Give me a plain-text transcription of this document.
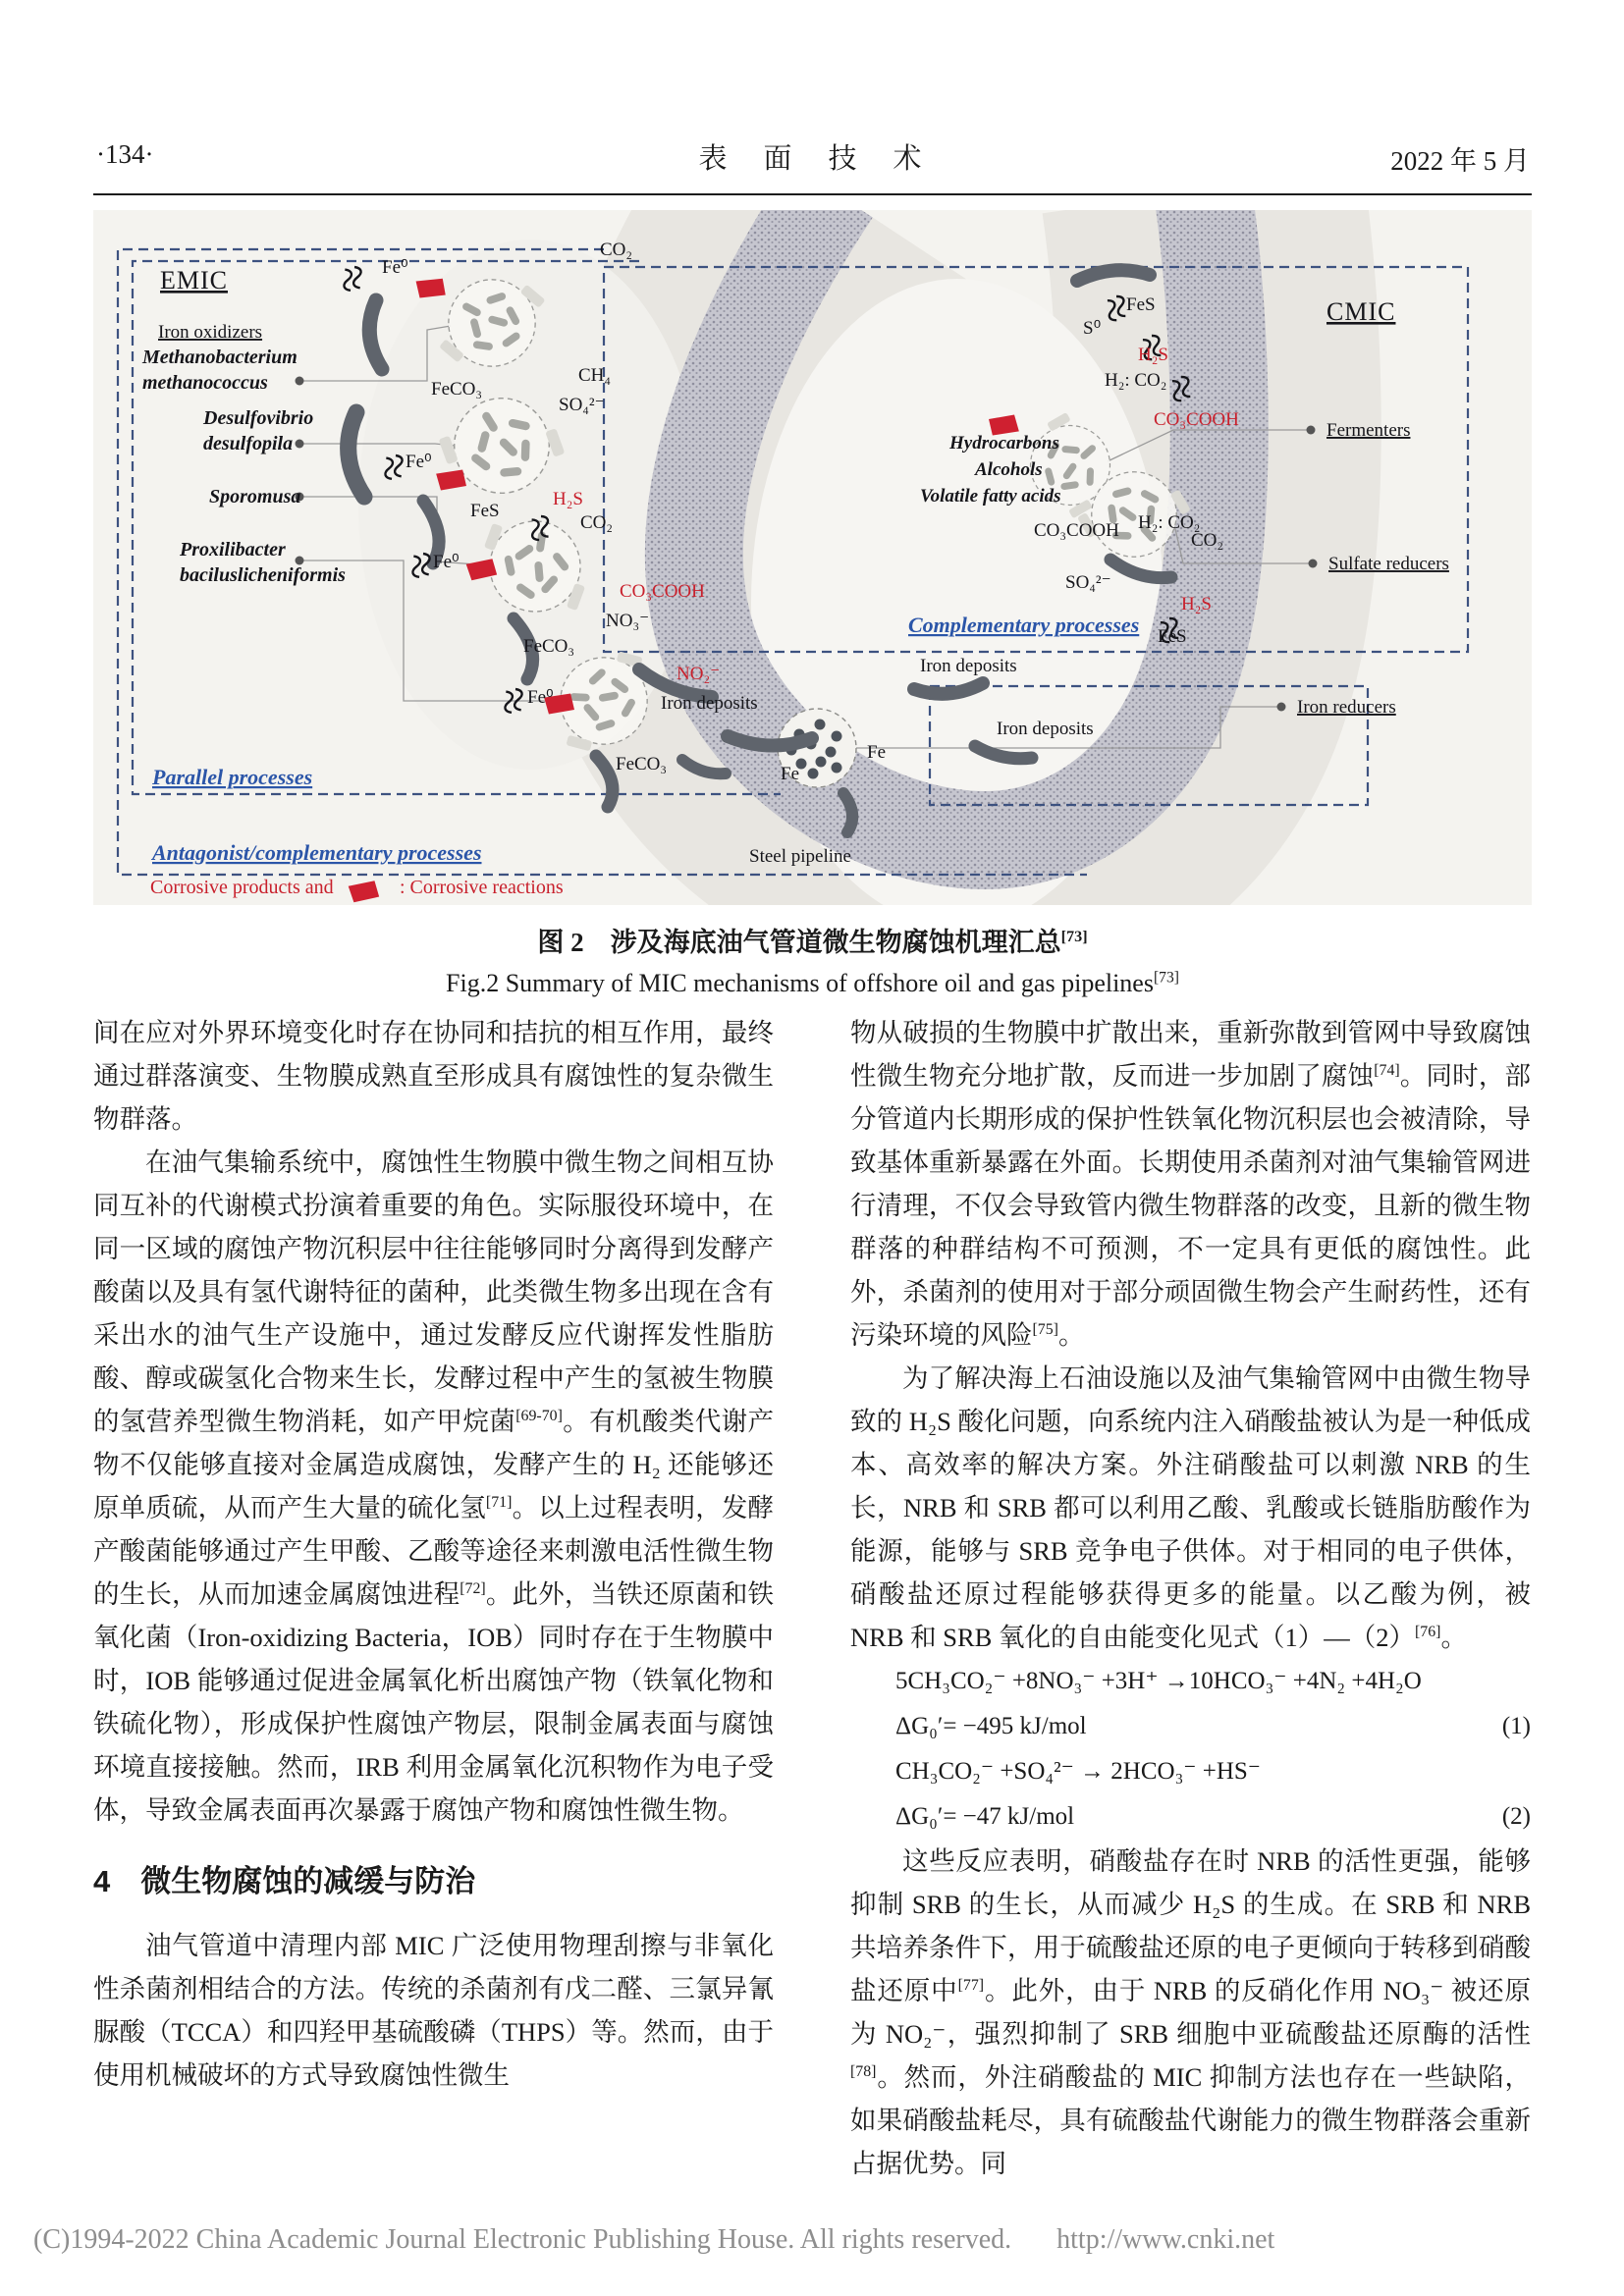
·134·	表　面　技　术	2022 年 5 月
EMIC
CMIC
Iron oxidizers
Fermenters
Sulfate reducers
Iron reducers
Methanobacterium
methanococcus
Desulfovibrio
desulfopila
Sporomusa
Proxilibacter
baciluslicheniformis
Hydrocarbons
Alcohols
Volatile fatty acids
Parallel processes
Antagonist/complementary processes
Complementary processes
Fe⁰
Fe⁰
Fe⁰
Fe⁰
CO₂
CO₂
CO₂
FeCO₃
FeCO₃
FeCO₃
CH₄
SO₄²⁻
SO₄²⁻
FeS
FeS
FeS
NO₃⁻
H₂: CO₂
H₂: CO₂
S⁰
CO₃COOH
Fe
Fe
Iron deposits
Iron deposits
Iron deposits
Steel pipeline
H₂S
H₂S
H₂S
CO₃COOH
CO₃COOH
NO₂⁻
Corrosive products and	: Corrosive reactions
图 2　涉及海底油气管道微生物腐蚀机理汇总[73]
Fig.2 Summary of MIC mechanisms of offshore oil and gas pipelines[73]

间在应对外界环境变化时存在协同和拮抗的相互作用，最终通过群落演变、生物膜成熟直至形成具有腐蚀性的复杂微生物群落。

在油气集输系统中，腐蚀性生物膜中微生物之间相互协同互补的代谢模式扮演着重要的角色。实际服役环境中，在同一区域的腐蚀产物沉积层中往往能够同时分离得到发酵产酸菌以及具有氢代谢特征的菌种，此类微生物多出现在含有采出水的油气生产设施中，通过发酵反应代谢挥发性脂肪酸、醇或碳氢化合物来生长，发酵过程中产生的氢被生物膜的氢营养型微生物消耗，如产甲烷菌[69-70]。有机酸类代谢产物不仅能够直接对金属造成腐蚀，发酵产生的 H₂ 还能够还原单质硫，从而产生大量的硫化氢[71]。以上过程表明，发酵产酸菌能够通过产生甲酸、乙酸等途径来刺激电活性微生物的生长，从而加速金属腐蚀进程[72]。此外，当铁还原菌和铁氧化菌（Iron-oxidizing Bacteria，IOB）同时存在于生物膜中时，IOB 能够通过促进金属氧化析出腐蚀产物（铁氧化物和铁硫化物），形成保护性腐蚀产物层，限制金属表面与腐蚀环境直接接触。然而，IRB 利用金属氧化沉积物作为电子受体，导致金属表面再次暴露于腐蚀产物和腐蚀性微生物。

4　微生物腐蚀的减缓与防治

油气管道中清理内部 MIC 广泛使用物理刮擦与非氧化性杀菌剂相结合的方法。传统的杀菌剂有戊二醛、三氯异氰脲酸（TCCA）和四羟甲基硫酸磷（THPS）等。然而，由于使用机械破坏的方式导致腐蚀性微生

物从破损的生物膜中扩散出来，重新弥散到管网中导致腐蚀性微生物充分地扩散，反而进一步加剧了腐蚀[74]。同时，部分管道内长期形成的保护性铁氧化物沉积层也会被清除，导致基体重新暴露在外面。长期使用杀菌剂对油气集输管网进行清理，不仅会导致管内微生物群落的改变，且新的微生物群落的种群结构不可预测，不一定具有更低的腐蚀性。此外，杀菌剂的使用对于部分顽固微生物会产生耐药性，还有污染环境的风险[75]。

为了解决海上石油设施以及油气集输管网中由微生物导致的 H₂S 酸化问题，向系统内注入硝酸盐被认为是一种低成本、高效率的解决方案。外注硝酸盐可以刺激 NRB 的生长，NRB 和 SRB 都可以利用乙酸、乳酸或长链脂肪酸作为能源，能够与 SRB 竞争电子供体。对于相同的电子供体，硝酸盐还原过程能够获得更多的能量。以乙酸为例，被 NRB 和 SRB 氧化的自由能变化见式（1）—（2）[76]。

5CH₃CO₂⁻ +8NO₃⁻ +3H⁺ →10HCO₃⁻ +4N₂ +4H₂O
ΔG₀′= −495 kJ/mol	(1)
CH₃CO₂⁻ +SO₄²⁻ → 2HCO₃⁻ +HS⁻
ΔG₀′= −47 kJ/mol	(2)

这些反应表明，硝酸盐存在时 NRB 的活性更强，能够抑制 SRB 的生长，从而减少 H₂S 的生成。在 SRB 和 NRB 共培养条件下，用于硫酸盐还原的电子更倾向于转移到硝酸盐还原中[77]。此外，由于 NRB 的反硝化作用 NO₃⁻ 被还原为 NO₂⁻，强烈抑制了 SRB 细胞中亚硫酸盐还原酶的活性[78]。然而，外注硝酸盐的 MIC 抑制方法也存在一些缺陷，如果硝酸盐耗尽，具有硫酸盐代谢能力的微生物群落会重新占据优势。同

(C)1994-2022 China Academic Journal Electronic Publishing House. All rights reserved. http://www.cnki.net
